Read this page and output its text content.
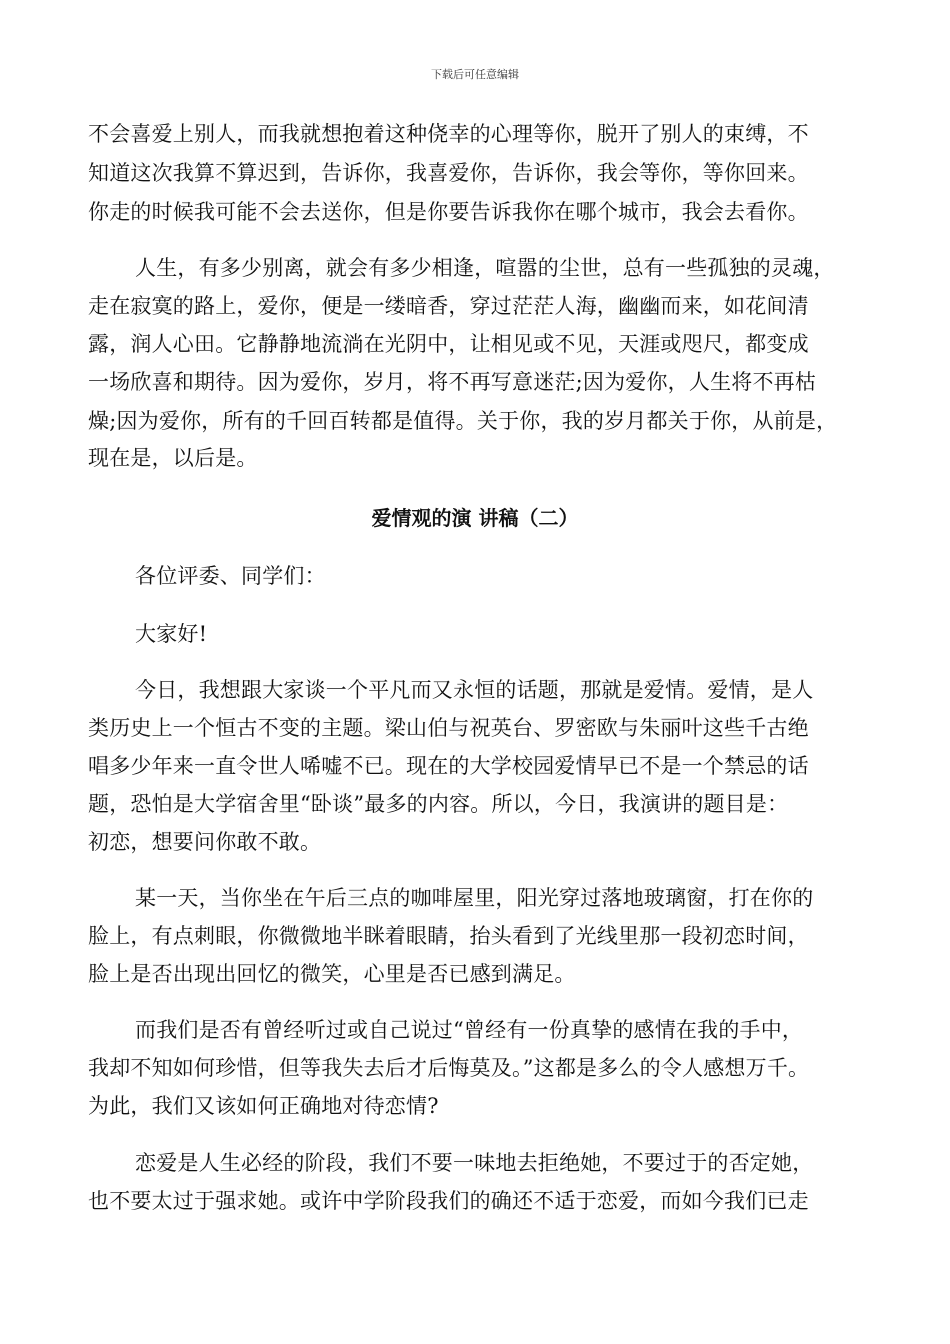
下载后可任意编辑
不会喜爱上别人，而我就想抱着这种侥幸的心理等你，脱开了别人的束缚，不
知道这次我算不算迟到，告诉你，我喜爱你，告诉你，我会等你，等你回来。
你走的时候我可能不会去送你，但是你要告诉我你在哪个城市，我会去看你。
人生，有多少别离，就会有多少相逢，喧嚣的尘世，总有一些孤独的灵魂，
走在寂寞的路上，爱你，便是一缕暗香，穿过茫茫人海，幽幽而来，如花间清
露，润人心田。它静静地流淌在光阴中，让相见或不见，天涯或咫尺，都变成
一场欣喜和期待。因为爱你，岁月，将不再写意迷茫;因为爱你，人生将不再枯
燥;因为爱你，所有的千回百转都是值得。关于你，我的岁月都关于你，从前是，
现在是，以后是。
爱情观的演 讲稿（二）
各位评委、同学们：
大家好!
今日，我想跟大家谈一个平凡而又永恒的话题，那就是爱情。爱情，是人
类历史上一个恒古不变的主题。梁山伯与祝英台、罗密欧与朱丽叶这些千古绝
唱多少年来一直令世人唏嘘不已。现在的大学校园爱情早已不是一个禁忌的话
题，恐怕是大学宿舍里“卧谈”最多的内容。所以，今日，我演讲的题目是：
初恋，想要问你敢不敢。
某一天，当你坐在午后三点的咖啡屋里，阳光穿过落地玻璃窗，打在你的
脸上，有点刺眼，你微微地半眯着眼睛，抬头看到了光线里那一段初恋时间，
脸上是否出现出回忆的微笑，心里是否已感到满足。
而我们是否有曾经听过或自己说过“曾经有一份真挚的感情在我的手中，
我却不知如何珍惜，但等我失去后才后悔莫及。”这都是多么的令人感想万千。
为此，我们又该如何正确地对待恋情?
恋爱是人生必经的阶段，我们不要一味地去拒绝她，不要过于的否定她，
也不要太过于强求她。或许中学阶段我们的确还不适于恋爱，而如今我们已走
